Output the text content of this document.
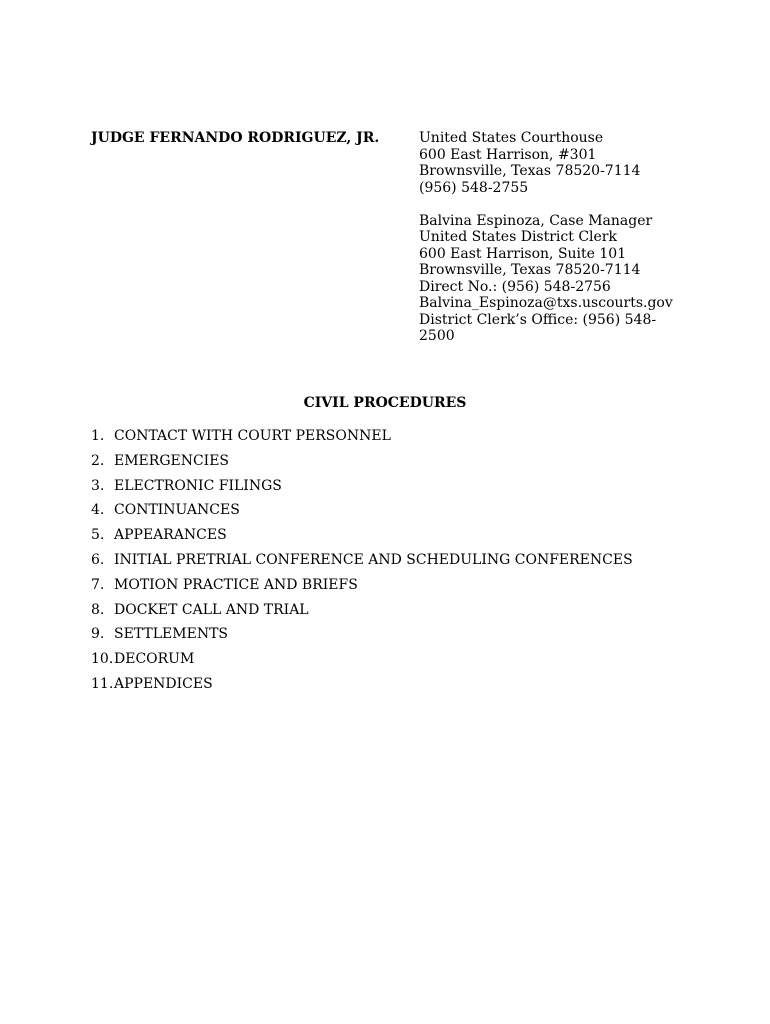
JUDGE FERNANDO RODRIGUEZ, JR.	United States Courthouse
600 East Harrison, #301
Brownsville, Texas 78520-7114
(956) 548-2755
Balvina Espinoza, Case Manager
United States District Clerk
600 East Harrison, Suite 101
Brownsville, Texas 78520-7114
Direct No.: (956) 548-2756
Balvina_Espinoza@txs.uscourts.gov
District Clerk’s Office: (956) 548-
2500
CIVIL PROCEDURES
1. CONTACT WITH COURT PERSONNEL
2. EMERGENCIES
3. ELECTRONIC FILINGS
4. CONTINUANCES
5. APPEARANCES
6. INITIAL PRETRIAL CONFERENCE AND SCHEDULING CONFERENCES
7. MOTION PRACTICE AND BRIEFS
8. DOCKET CALL AND TRIAL
9. SETTLEMENTS
10.DECORUM
11.APPENDICES
